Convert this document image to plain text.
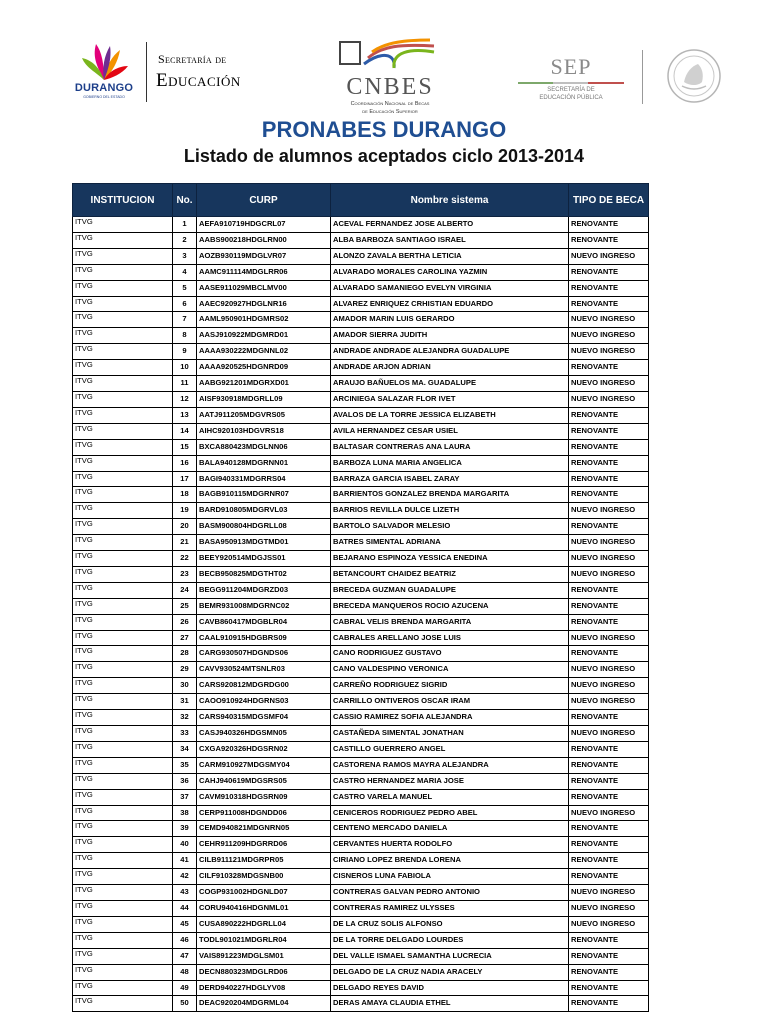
DURANGO
GOBIERNO DEL ESTADO
Secretaría de
Educación	CNBES
Coordinación Nacional de Becas
de Educación Superior
SEP
SECRETARÍA DE
EDUCACIÓN PÚBLICA
PRONABES DURANGO
Listado de alumnos aceptados ciclo 2013-2014
INSTITUCION	No.	CURP	Nombre sistema	TIPO DE BECA
ITVG	1	AEFA910719HDGCRL07	ACEVAL FERNANDEZ JOSE ALBERTO	RENOVANTE
ITVG	2	AABS900218HDGLRN00	ALBA BARBOZA SANTIAGO ISRAEL	RENOVANTE
ITVG	3	AOZB930119MDGLVR07	ALONZO ZAVALA BERTHA LETICIA	NUEVO INGRESO
ITVG	4	AAMC911114MDGLRR06	ALVARADO MORALES CAROLINA YAZMIN	RENOVANTE
ITVG	5	AASE911029MBCLMV00	ALVARADO SAMANIEGO EVELYN VIRGINIA	RENOVANTE
ITVG	6	AAEC920927HDGLNR16	ALVAREZ ENRIQUEZ CRHISTIAN EDUARDO	RENOVANTE
ITVG	7	AAML950901HDGMRS02	AMADOR MARIN LUIS GERARDO	NUEVO INGRESO
ITVG	8	AASJ910922MDGMRD01	AMADOR SIERRA JUDITH	NUEVO INGRESO
ITVG	9	AAAA930222MDGNNL02	ANDRADE ANDRADE ALEJANDRA GUADALUPE	NUEVO INGRESO
ITVG	10	AAAA920525HDGNRD09	ANDRADE ARJON ADRIAN	RENOVANTE
ITVG	11	AABG921201MDGRXD01	ARAUJO BAÑUELOS MA. GUADALUPE	NUEVO INGRESO
ITVG	12	AISF930918MDGRLL09	ARCINIEGA SALAZAR FLOR IVET	NUEVO INGRESO
ITVG	13	AATJ911205MDGVRS05	AVALOS DE LA TORRE JESSICA ELIZABETH	RENOVANTE
ITVG	14	AIHC920103HDGVRS18	AVILA HERNANDEZ CESAR USIEL	RENOVANTE
ITVG	15	BXCA880423MDGLNN06	BALTASAR CONTRERAS ANA LAURA	RENOVANTE
ITVG	16	BALA940128MDGRNN01	BARBOZA LUNA MARIA ANGELICA	RENOVANTE
ITVG	17	BAGI940331MDGRRS04	BARRAZA GARCIA ISABEL ZARAY	RENOVANTE
ITVG	18	BAGB910115MDGRNR07	BARRIENTOS GONZALEZ BRENDA MARGARITA	RENOVANTE
ITVG	19	BARD910805MDGRVL03	BARRIOS REVILLA DULCE LIZETH	NUEVO INGRESO
ITVG	20	BASM900804HDGRLL08	BARTOLO SALVADOR MELESIO	RENOVANTE
ITVG	21	BASA950913MDGTMD01	BATRES SIMENTAL ADRIANA	NUEVO INGRESO
ITVG	22	BEEY920514MDGJSS01	BEJARANO ESPINOZA YESSICA ENEDINA	NUEVO INGRESO
ITVG	23	BECB950825MDGTHT02	BETANCOURT CHAIDEZ BEATRIZ	NUEVO INGRESO
ITVG	24	BEGG911204MDGRZD03	BRECEDA GUZMAN GUADALUPE	RENOVANTE
ITVG	25	BEMR931008MDGRNC02	BRECEDA MANQUEROS ROCIO AZUCENA	RENOVANTE
ITVG	26	CAVB860417MDGBLR04	CABRAL VELIS BRENDA MARGARITA	RENOVANTE
ITVG	27	CAAL910915HDGBRS09	CABRALES ARELLANO JOSE LUIS	NUEVO INGRESO
ITVG	28	CARG930507HDGNDS06	CANO RODRIGUEZ GUSTAVO	RENOVANTE
ITVG	29	CAVV930524MTSNLR03	CANO VALDESPINO VERONICA	NUEVO INGRESO
ITVG	30	CARS920812MDGRDG00	CARREÑO RODRIGUEZ SIGRID	NUEVO INGRESO
ITVG	31	CAOO910924HDGRNS03	CARRILLO ONTIVEROS OSCAR IRAM	NUEVO INGRESO
ITVG	32	CARS940315MDGSMF04	CASSIO RAMIREZ SOFIA ALEJANDRA	RENOVANTE
ITVG	33	CASJ940326HDGSMN05	CASTAÑEDA SIMENTAL JONATHAN	NUEVO INGRESO
ITVG	34	CXGA920326HDGSRN02	CASTILLO GUERRERO ANGEL	RENOVANTE
ITVG	35	CARM910927MDGSMY04	CASTORENA RAMOS MAYRA ALEJANDRA	RENOVANTE
ITVG	36	CAHJ940619MDGSRS05	CASTRO HERNANDEZ MARIA JOSE	RENOVANTE
ITVG	37	CAVM910318HDGSRN09	CASTRO VARELA MANUEL	RENOVANTE
ITVG	38	CERP911008HDGNDD06	CENICEROS RODRIGUEZ PEDRO ABEL	NUEVO INGRESO
ITVG	39	CEMD940821MDGNRN05	CENTENO MERCADO DANIELA	RENOVANTE
ITVG	40	CEHR911209HDGRRD06	CERVANTES HUERTA RODOLFO	RENOVANTE
ITVG	41	CILB911121MDGRPR05	CIRIANO LOPEZ BRENDA LORENA	RENOVANTE
ITVG	42	CILF910328MDGSNB00	CISNEROS LUNA FABIOLA	RENOVANTE
ITVG	43	COGP931002HDGNLD07	CONTRERAS GALVAN PEDRO ANTONIO	NUEVO INGRESO
ITVG	44	CORU940416HDGNML01	CONTRERAS RAMIREZ ULYSSES	NUEVO INGRESO
ITVG	45	CUSA890222HDGRLL04	DE LA CRUZ SOLIS ALFONSO	NUEVO INGRESO
ITVG	46	TODL901021MDGRLR04	DE LA TORRE DELGADO LOURDES	RENOVANTE
ITVG	47	VAIS891223MDGLSM01	DEL VALLE ISMAEL SAMANTHA LUCRECIA	RENOVANTE
ITVG	48	DECN880323MDGLRD06	DELGADO DE LA CRUZ NADIA ARACELY	RENOVANTE
ITVG	49	DERD940227HDGLYV08	DELGADO REYES DAVID	RENOVANTE
ITVG	50	DEAC920204MDGRML04	DERAS AMAYA CLAUDIA ETHEL	RENOVANTE
